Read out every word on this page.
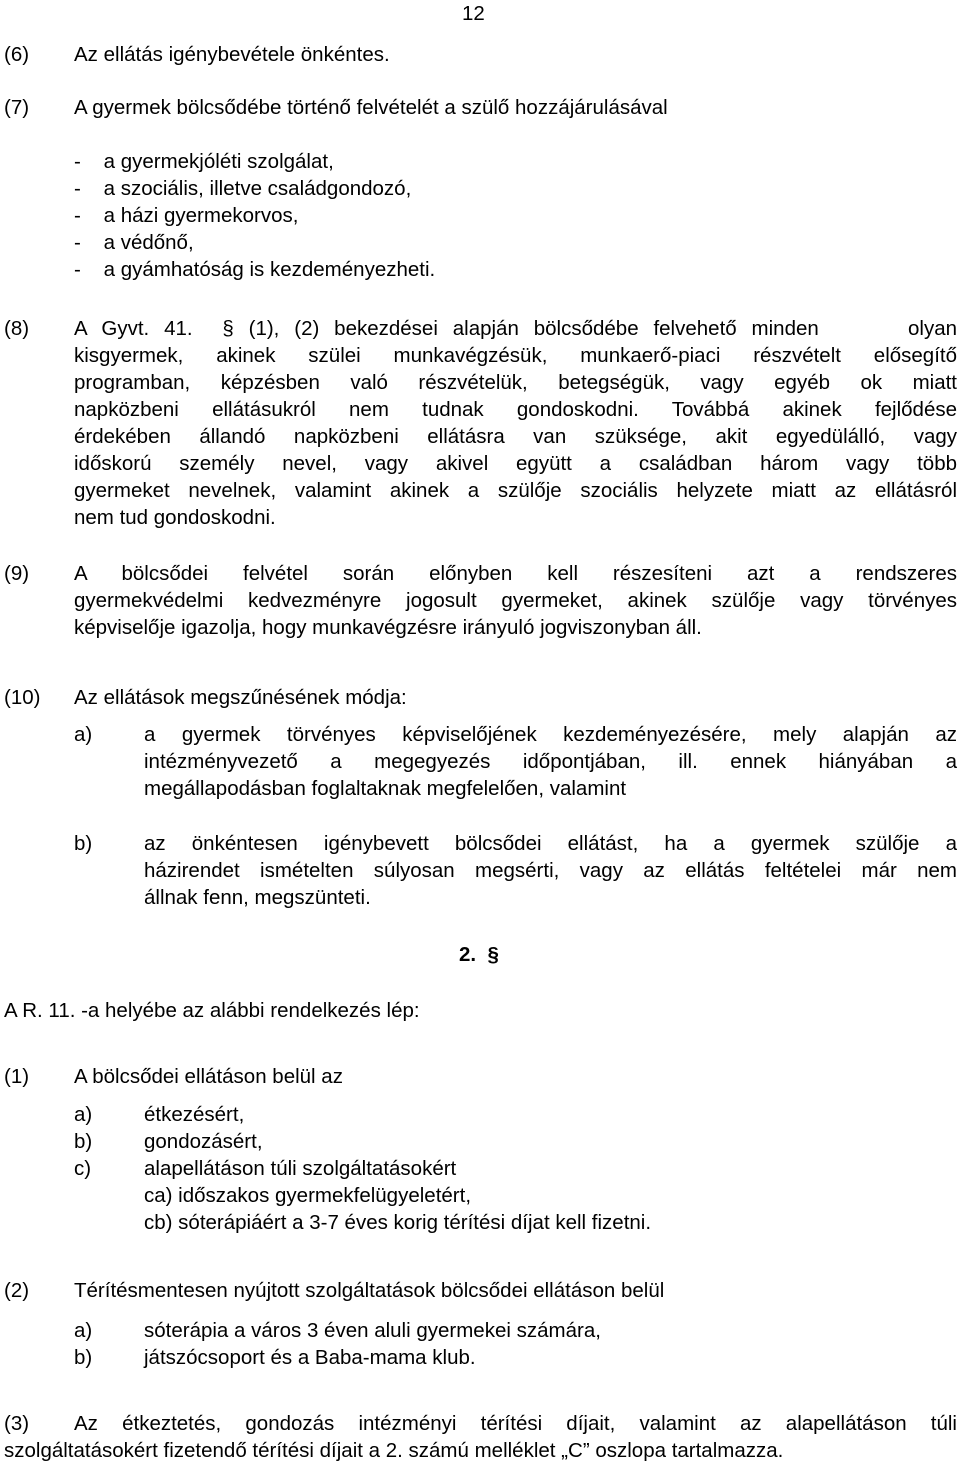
12
(6) Az ellátás igénybevétele önkéntes.
(7) A gyermek bölcsődébe történő felvételét a szülő hozzájárulásával
-    a gyermekjóléti szolgálat,
-    a szociális, illetve családgondozó,
-    a házi gyermekorvos,
-    a védőnő,
-    a gyámhatóság is kezdeményezheti.
(8) A Gyvt. 41.  § (1), (2) bekezdései alapján bölcsődébe felvehető minden      olyan
kisgyermek, akinek szülei munkavégzésük, munkaerő-piaci részvételt elősegítő
programban, képzésben való részvételük, betegségük, vagy egyéb ok miatt
napközbeni ellátásukról nem tudnak gondoskodni. Továbbá akinek fejlődése
érdekében állandó napközbeni ellátásra van szüksége, akit egyedülálló, vagy
időskorú személy nevel, vagy akivel együtt a családban három vagy több
gyermeket nevelnek, valamint akinek a szülője szociális helyzete miatt az ellátásról
nem tud gondoskodni.
(9) A bölcsődei felvétel során előnyben kell részesíteni azt a rendszeres
gyermekvédelmi kedvezményre jogosult gyermeket, akinek szülője vagy törvényes
képviselője igazolja, hogy munkavégzésre irányuló jogviszonyban áll.
(10) Az ellátások megszűnésének módja:
a)	a gyermek törvényes képviselőjének kezdeményezésére, mely alapján az
intézményvezető a megegyezés időpontjában, ill. ennek hiányában a
megállapodásban foglaltaknak megfelelően, valamint
b)	az önkéntesen igénybevett bölcsődei ellátást, ha a gyermek szülője a
házirendet ismételten súlyosan megsérti, vagy az ellátás feltételei már nem
állnak fenn, megszünteti.
2.  §
A R. 11. -a helyébe az alábbi rendelkezés lép:
(1) A bölcsődei ellátáson belül az
a)	étkezésért,
b)	gondozásért,
c)	alapellátáson túli szolgáltatásokért
ca) időszakos gyermekfelügyeletért,
cb) sóterápiáért a 3-7 éves korig térítési díjat kell fizetni.
(2) Térítésmentesen nyújtott szolgáltatások bölcsődei ellátáson belül
a)	sóterápia a város 3 éven aluli gyermekei számára,
b)	játszócsoport és a Baba-mama klub.
(3) Az étkeztetés, gondozás intézményi térítési díjait, valamint az alapellátáson túli
szolgáltatásokért fizetendő térítési díjait a 2. számú melléklet „C” oszlopa tartalmazza.
